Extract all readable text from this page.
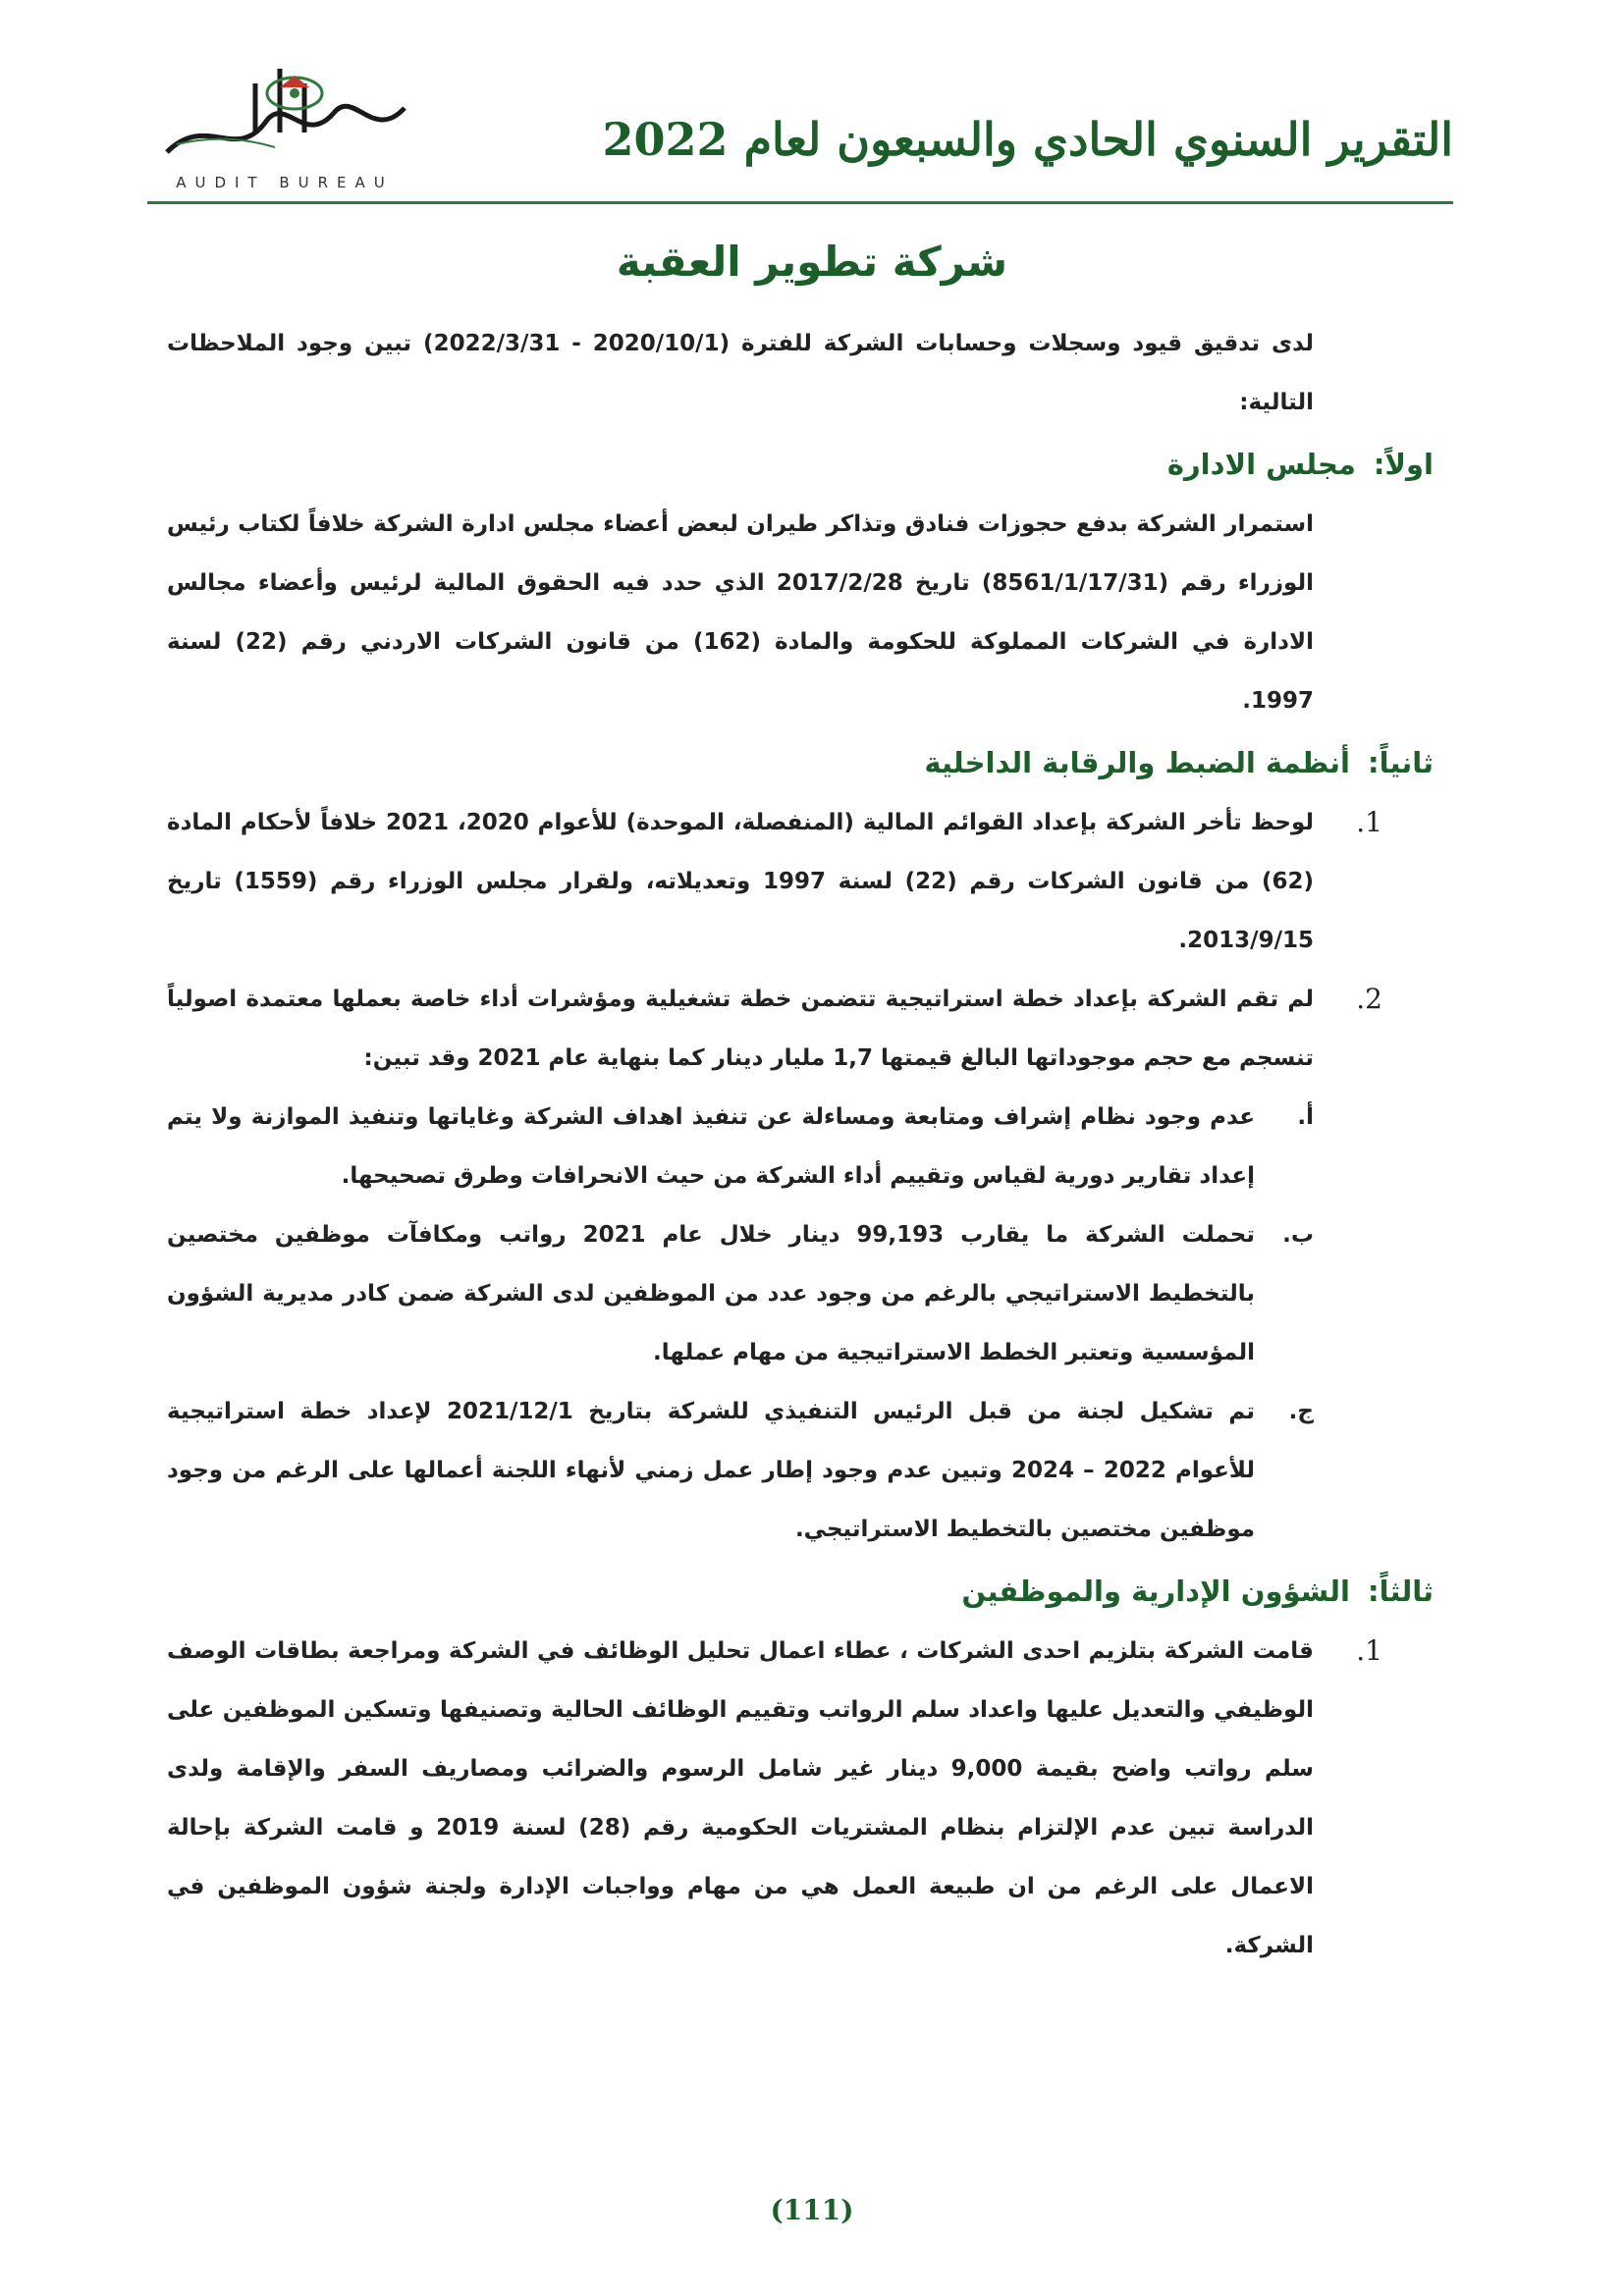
AUDIT BUREAU
التقرير السنوي الحادي والسبعون لعام 2022
شركة تطوير العقبة

لدى تدقيق قيود وسجلات وحسابات الشركة للفترة (2020/10/1 - 2022/3/31) تبين وجود الملاحظات التالية:

اولاً:مجلس الادارة

استمرار الشركة بدفع حجوزات فنادق وتذاكر طيران لبعض أعضاء مجلس ادارة الشركة خلافاً لكتاب رئيس الوزراء رقم (8561/1/17/31) تاريخ 2017/2/28 الذي حدد فيه الحقوق المالية لرئيس وأعضاء مجالس الادارة في الشركات المملوكة للحكومة والمادة (162) من قانون الشركات الاردني رقم (22) لسنة 1997.

ثانياً:أنظمة الضبط والرقابة الداخلية
1.

لوحظ تأخر الشركة بإعداد القوائم المالية (المنفصلة، الموحدة) للأعوام 2020، 2021 خلافاً لأحكام المادة (62) من قانون الشركات رقم (22) لسنة 1997 وتعديلاته، ولقرار مجلس الوزراء رقم (1559) تاريخ 2013/9/15.

2.

لم تقم الشركة بإعداد خطة استراتيجية تتضمن خطة تشغيلية ومؤشرات أداء خاصة بعملها معتمدة اصولياً تنسجم مع حجم موجوداتها البالغ قيمتها 1,7 مليار دينار كما بنهاية عام 2021 وقد تبين:

أ.

عدم وجود نظام إشراف ومتابعة ومساءلة عن تنفيذ اهداف الشركة وغاياتها وتنفيذ الموازنة ولا يتم إعداد تقارير دورية لقياس وتقييم أداء الشركة من حيث الانحرافات وطرق تصحيحها.

ب.

تحملت الشركة ما يقارب 99,193 دينار خلال عام 2021 رواتب ومكافآت موظفين مختصين بالتخطيط الاستراتيجي بالرغم من وجود عدد من الموظفين لدى الشركة ضمن كادر مديرية الشؤون المؤسسية وتعتبر الخطط الاستراتيجية من مهام عملها.

ج.

تم تشكيل لجنة من قبل الرئيس التنفيذي للشركة بتاريخ 2021/12/1 لإعداد خطة استراتيجية للأعوام 2022 – 2024 وتبين عدم وجود إطار عمل زمني لأنهاء اللجنة أعمالها على الرغم من وجود موظفين مختصين بالتخطيط الاستراتيجي.

ثالثاً:الشؤون الإدارية والموظفين
1.

قامت الشركة بتلزيم احدى الشركات ، عطاء اعمال تحليل الوظائف في الشركة ومراجعة بطاقات الوصف الوظيفي والتعديل عليها واعداد سلم الرواتب وتقييم الوظائف الحالية وتصنيفها وتسكين الموظفين على سلم رواتب واضح بقيمة 9,000 دينار غير شامل الرسوم والضرائب ومصاريف السفر والإقامة ولدى الدراسة تبين عدم الإلتزام بنظام المشتريات الحكومية رقم (28) لسنة 2019 و قامت الشركة بإحالة الاعمال على الرغم من ان طبيعة العمل هي من مهام وواجبات الإدارة ولجنة شؤون الموظفين في الشركة.

(111)
